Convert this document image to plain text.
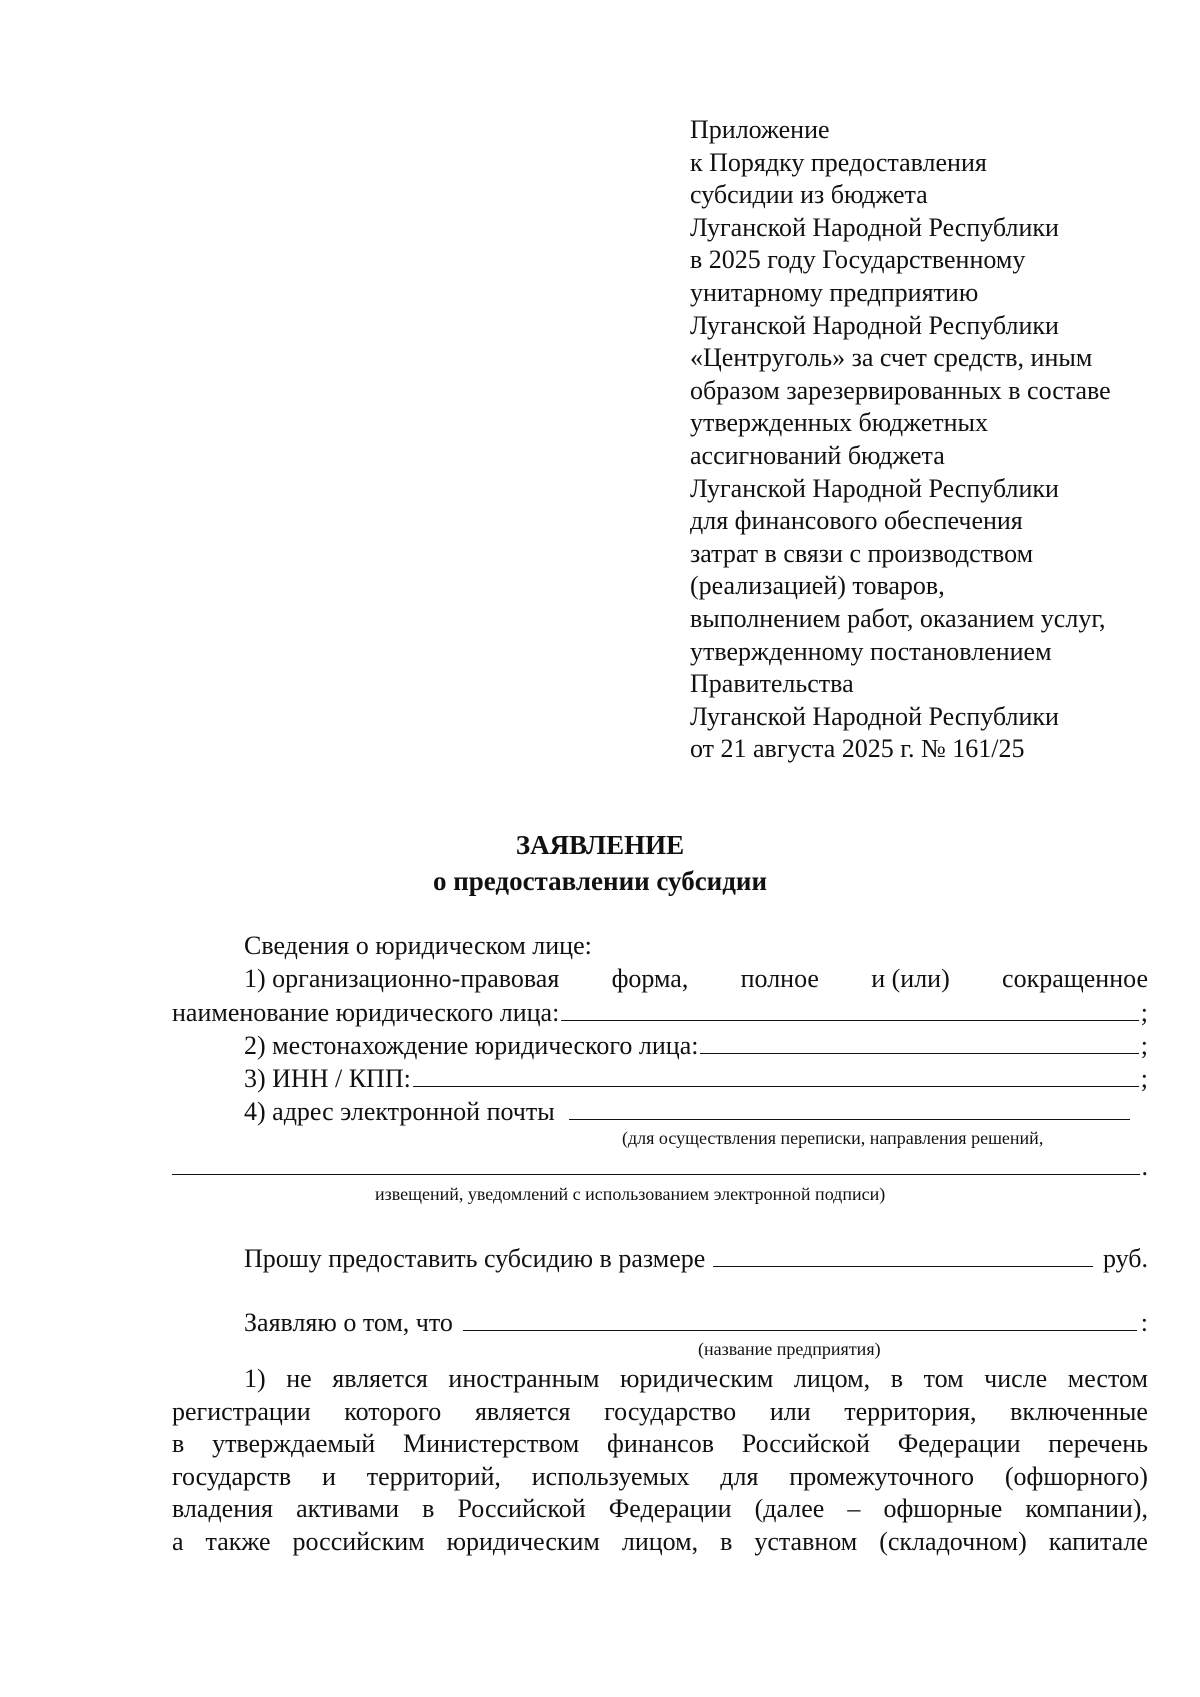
Приложение
к Порядку предоставления
субсидии из бюджета
Луганской Народной Республики
в 2025 году Государственному
унитарному предприятию
Луганской Народной Республики
«Центруголь» за счет средств, иным
образом зарезервированных в составе
утвержденных бюджетных
ассигнований бюджета
Луганской Народной Республики
для финансового обеспечения
затрат в связи с производством
(реализацией) товаров,
выполнением работ, оказанием услуг,
утвержденному постановлением
Правительства
Луганской Народной Республики
от 21 августа 2025 г. № 161/25
ЗАЯВЛЕНИЕ
о предоставлении субсидии
Сведения о юридическом лице:
1) организационно-правовая форма, полное и (или) сокращенное
наименование юридического лица:	;
2) местонахождение юридического лица:	;
3) ИНН / КПП:	;
4) адрес электронной почты
(для осуществления переписки, направления решений,
.
извещений, уведомлений с использованием электронной подписи)
Прошу предоставить субсидию в размере	руб.
Заявляю о том, что	:
(название предприятия)
1) не является иностранным юридическим лицом, в том числе местом
регистрации которого является государство или территория, включенные
в утверждаемый Министерством финансов Российской Федерации перечень
государств и территорий, используемых для промежуточного (офшорного)
владения активами в Российской Федерации (далее – офшорные компании),
а также российским юридическим лицом, в уставном (складочном) капитале
